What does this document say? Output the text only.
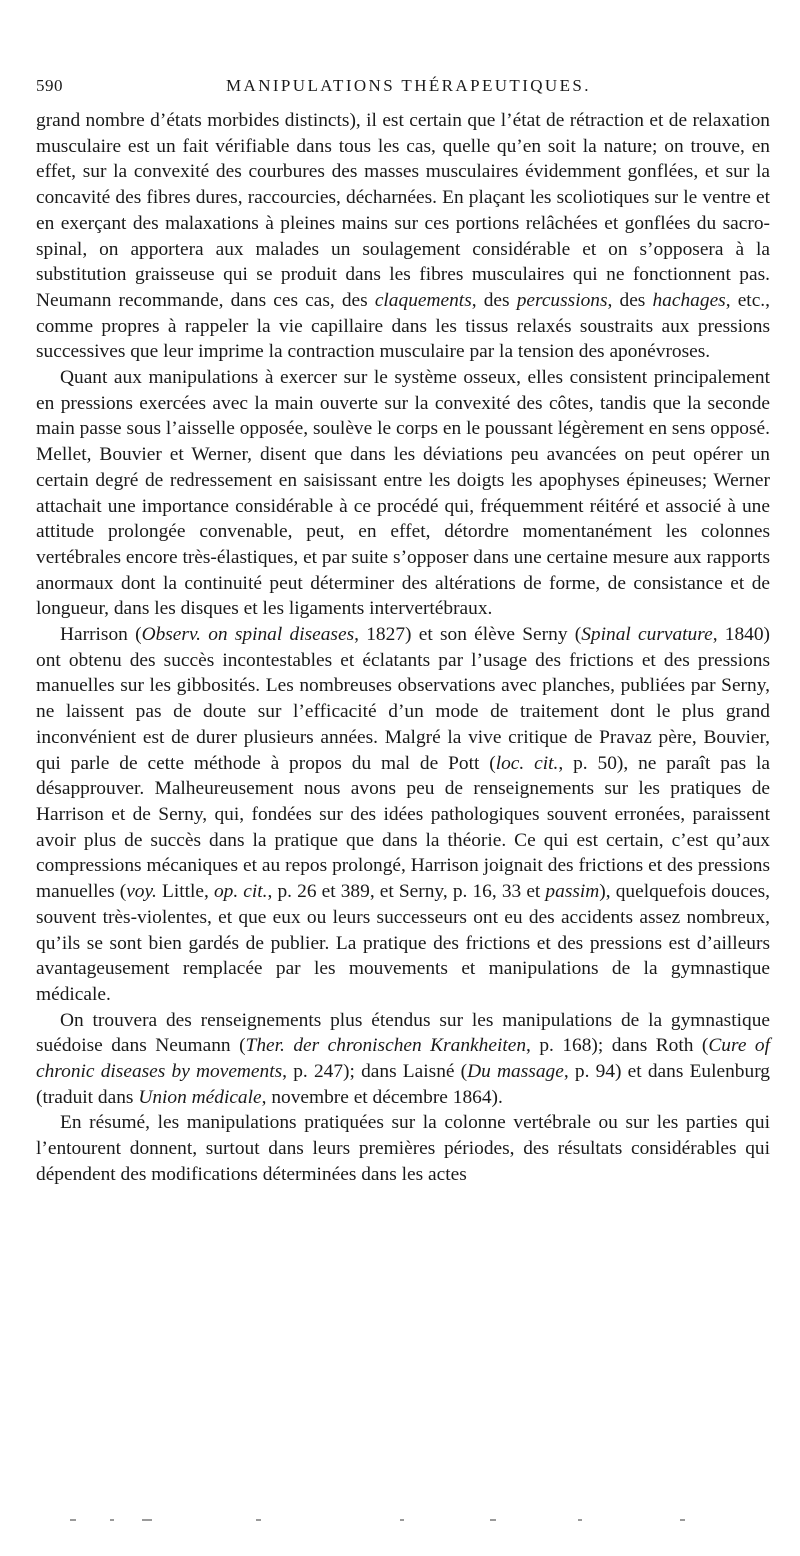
590	MANIPULATIONS THÉRAPEUTIQUES.

grand nombre d’états morbides distincts), il est certain que l’état de rétraction et de relaxation musculaire est un fait vérifiable dans tous les cas, quelle qu’en soit la nature; on trouve, en effet, sur la convexité des courbures des masses musculaires évidemment gonflées, et sur la concavité des fibres dures, raccourcies, décharnées. En plaçant les scoliotiques sur le ventre et en exerçant des malaxations à pleines mains sur ces portions relâchées et gonflées du sacro-spinal, on apportera aux malades un soulagement considérable et on s’opposera à la substitution graisseuse qui se produit dans les fibres musculaires qui ne fonctionnent pas. Neumann recommande, dans ces cas, des claquements, des percussions, des hachages, etc., comme propres à rappeler la vie capillaire dans les tissus relaxés soustraits aux pressions successives que leur imprime la contraction musculaire par la tension des aponévroses.

Quant aux manipulations à exercer sur le système osseux, elles consistent principalement en pressions exercées avec la main ouverte sur la convexité des côtes, tandis que la seconde main passe sous l’aisselle opposée, soulève le corps en le poussant légèrement en sens opposé. Mellet, Bouvier et Werner, disent que dans les déviations peu avancées on peut opérer un certain degré de redressement en saisissant entre les doigts les apophyses épineuses; Werner attachait une importance considérable à ce procédé qui, fréquemment réitéré et associé à une attitude prolongée convenable, peut, en effet, détordre momentanément les colonnes vertébrales encore très-élastiques, et par suite s’opposer dans une certaine mesure aux rapports anormaux dont la continuité peut déterminer des altérations de forme, de consistance et de longueur, dans les disques et les ligaments intervertébraux.

Harrison (Observ. on spinal diseases, 1827) et son élève Serny (Spinal curvature, 1840) ont obtenu des succès incontestables et éclatants par l’usage des frictions et des pressions manuelles sur les gibbosités. Les nombreuses observations avec planches, publiées par Serny, ne laissent pas de doute sur l’efficacité d’un mode de traitement dont le plus grand inconvénient est de durer plusieurs années. Malgré la vive critique de Pravaz père, Bouvier, qui parle de cette méthode à propos du mal de Pott (loc. cit., p. 50), ne paraît pas la désapprouver. Malheureusement nous avons peu de renseignements sur les pratiques de Harrison et de Serny, qui, fondées sur des idées pathologiques souvent erronées, paraissent avoir plus de succès dans la pratique que dans la théorie. Ce qui est certain, c’est qu’aux compressions mécaniques et au repos prolongé, Harrison joignait des frictions et des pressions manuelles (voy. Little, op. cit., p. 26 et 389, et Serny, p. 16, 33 et passim), quelquefois douces, souvent très-violentes, et que eux ou leurs successeurs ont eu des accidents assez nombreux, qu’ils se sont bien gardés de publier. La pratique des frictions et des pressions est d’ailleurs avantageusement remplacée par les mouvements et manipulations de la gymnastique médicale.

On trouvera des renseignements plus étendus sur les manipulations de la gymnastique suédoise dans Neumann (Ther. der chronischen Krankheiten, p. 168); dans Roth (Cure of chronic diseases by movements, p. 247); dans Laisné (Du massage, p. 94) et dans Eulenburg (traduit dans Union médicale, novembre et décembre 1864).

En résumé, les manipulations pratiquées sur la colonne vertébrale ou sur les parties qui l’entourent donnent, surtout dans leurs premières périodes, des résultats considérables qui dépendent des modifications déterminées dans les actes
